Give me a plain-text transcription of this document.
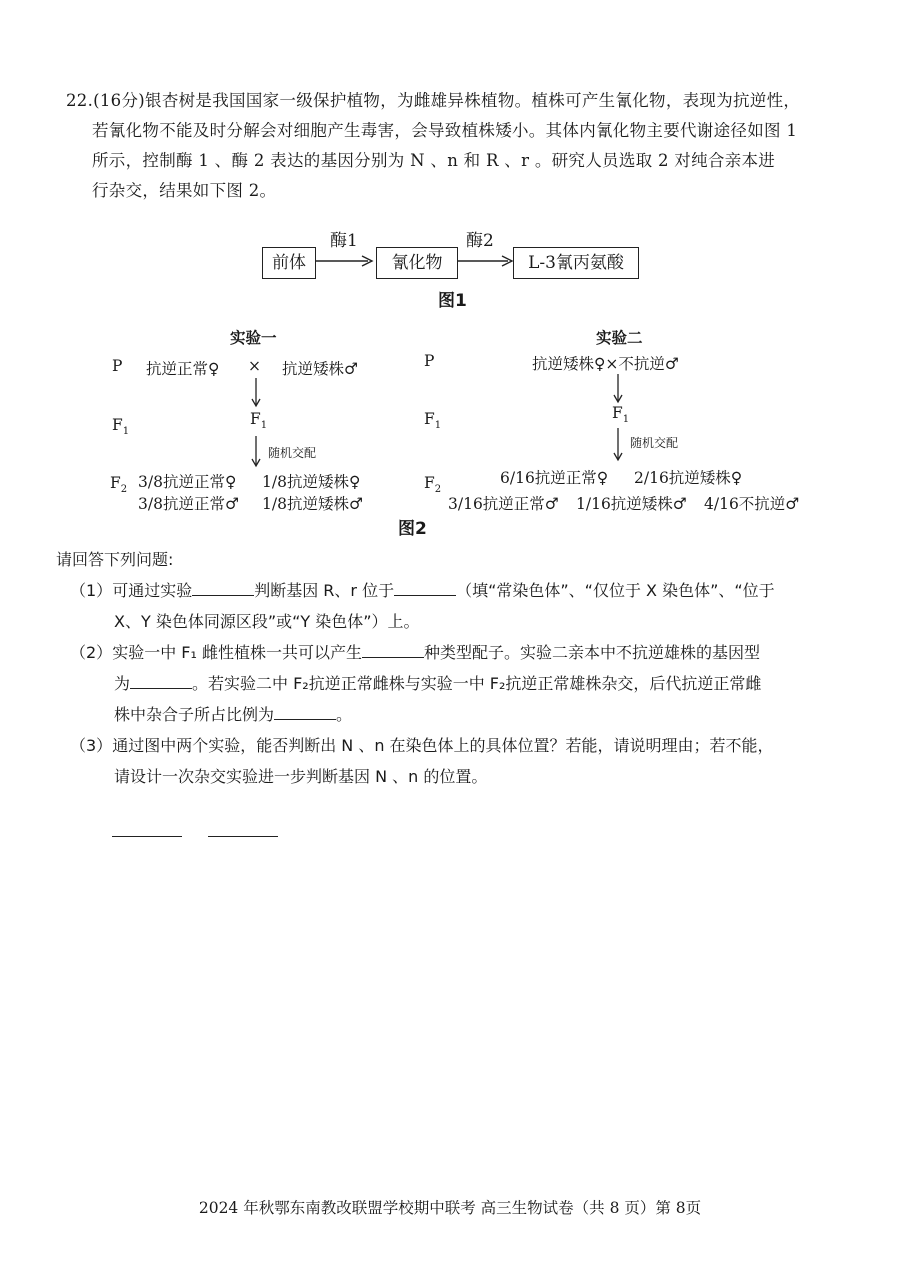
22.(16分)银杏树是我国国家一级保护植物，为雌雄异株植物。植株可产生氰化物，表现为抗逆性，

若氰化物不能及时分解会对细胞产生毒害，会导致植株矮小。其体内氰化物主要代谢途径如图 1

所示，控制酶 1 、酶 2 表达的基因分别为 N 、n 和 R 、r 。研究人员选取 2 对纯合亲本进

行杂交，结果如下图 2。

前体
酶1
氰化物
酶2
L-3氰丙氨酸
图1
实验一
P 抗逆正常♀ × 抗逆矮株♂
$F_1$
$F_1$
随机交配
$F_2$ 3/8抗逆正常♀ 1/8抗逆矮株♀
3/8抗逆正常♂ 1/8抗逆矮株♂
实验二
P	抗逆矮株♀×不抗逆♂
$F_1$
$F_1$
随机交配
$F_2$
6/16抗逆正常♀ 2/16抗逆矮株♀
3/16抗逆正常♂ 1/16抗逆矮株♂ 4/16不抗逆♂
图2

请回答下列问题:

（1）可通过实验	判断基因 R、r 位于	（填“常染色体”、“仅位于 X 染色体”、“位于

X、Y 染色体同源区段”或“Y 染色体”）上。

（2）实验一中 F₁ 雌性植株一共可以产生	种类型配子。实验二亲本中不抗逆雄株的基因型

为	。若实验二中 F₂抗逆正常雌株与实验一中 F₂抗逆正常雄株杂交，后代抗逆正常雌

株中杂合子所占比例为	。

（3）通过图中两个实验，能否判断出 N 、n 在染色体上的具体位置？若能，请说明理由；若不能，

请设计一次杂交实验进一步判断基因 N 、n 的位置。

2024 年秋鄂东南教改联盟学校期中联考 高三生物试卷（共 8 页）第 8页
